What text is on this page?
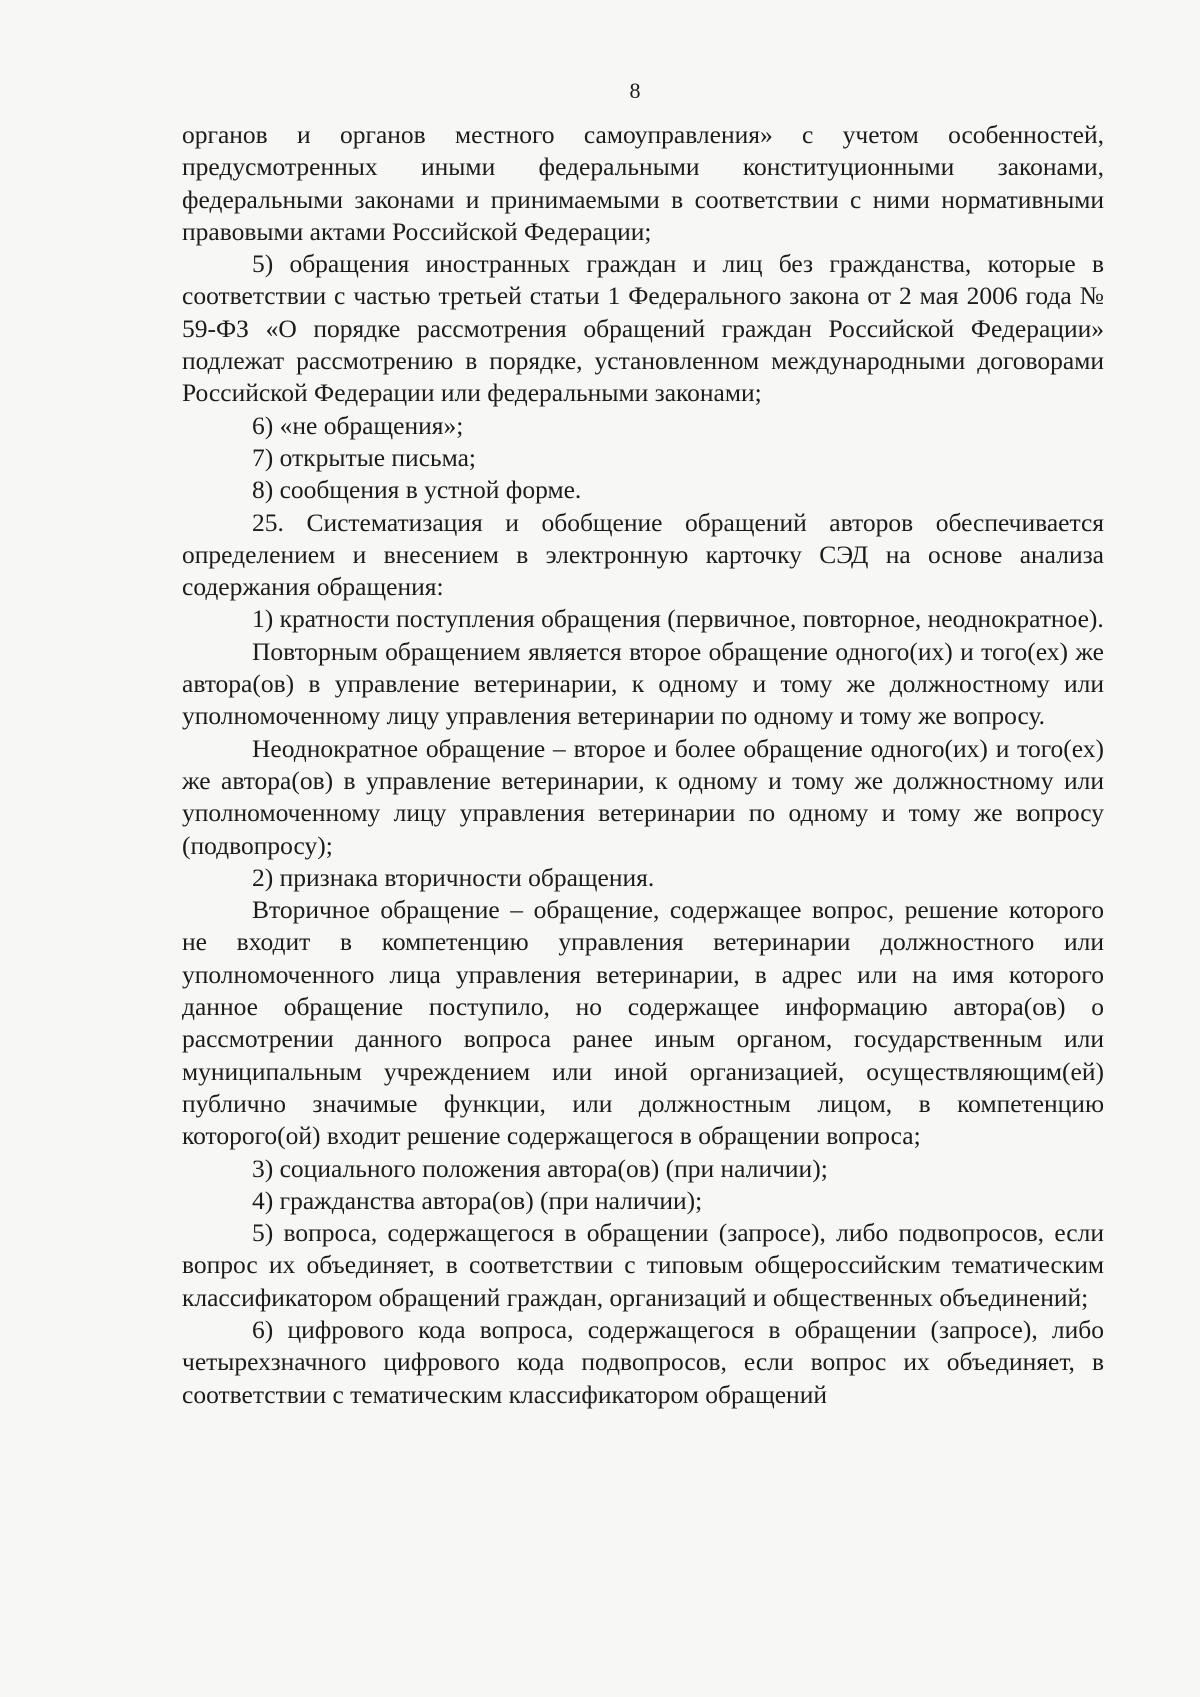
8

органов и органов местного самоуправления» с учетом особенностей, предусмотренных иными федеральными конституционными законами, федеральными законами и принимаемыми в соответствии с ними нормативными правовыми актами Российской Федерации;

5) обращения иностранных граждан и лиц без гражданства, которые в соответствии с частью третьей статьи 1 Федерального закона от 2 мая 2006 года № 59-ФЗ «О порядке рассмотрения обращений граждан Российской Федерации» подлежат рассмотрению в порядке, установленном международными договорами Российской Федерации или федеральными законами;

6) «не обращения»;

7) открытые письма;

8) сообщения в устной форме.

25. Систематизация и обобщение обращений авторов обеспечивается определением и внесением в электронную карточку СЭД на основе анализа содержания обращения:

1) кратности поступления обращения (первичное, повторное, неоднократное).

Повторным обращением является второе обращение одного(их) и того(ех) же автора(ов) в управление ветеринарии, к одному и тому же должностному или уполномоченному лицу управления ветеринарии по одному и тому же вопросу.

Неоднократное обращение – второе и более обращение одного(их) и того(ех) же автора(ов) в управление ветеринарии, к одному и тому же должностному или уполномоченному лицу управления ветеринарии по одному и тому же вопросу (подвопросу);

2) признака вторичности обращения.

Вторичное обращение – обращение, содержащее вопрос, решение которого не входит в компетенцию управления ветеринарии должностного или уполномоченного лица управления ветеринарии, в адрес или на имя которого данное обращение поступило, но содержащее информацию автора(ов) о рассмотрении данного вопроса ранее иным органом, государственным или муниципальным учреждением или иной организацией, осуществляющим(ей) публично значимые функции, или должностным лицом, в компетенцию которого(ой) входит решение содержащегося в обращении вопроса;

3) социального положения автора(ов) (при наличии);

4) гражданства автора(ов) (при наличии);

5) вопроса, содержащегося в обращении (запросе), либо подвопросов, если вопрос их объединяет, в соответствии с типовым общероссийским тематическим классификатором обращений граждан, организаций и общественных объединений;

6) цифрового кода вопроса, содержащегося в обращении (запросе), либо четырехзначного цифрового кода подвопросов, если вопрос их объединяет, в соответствии с тематическим классификатором обращений
